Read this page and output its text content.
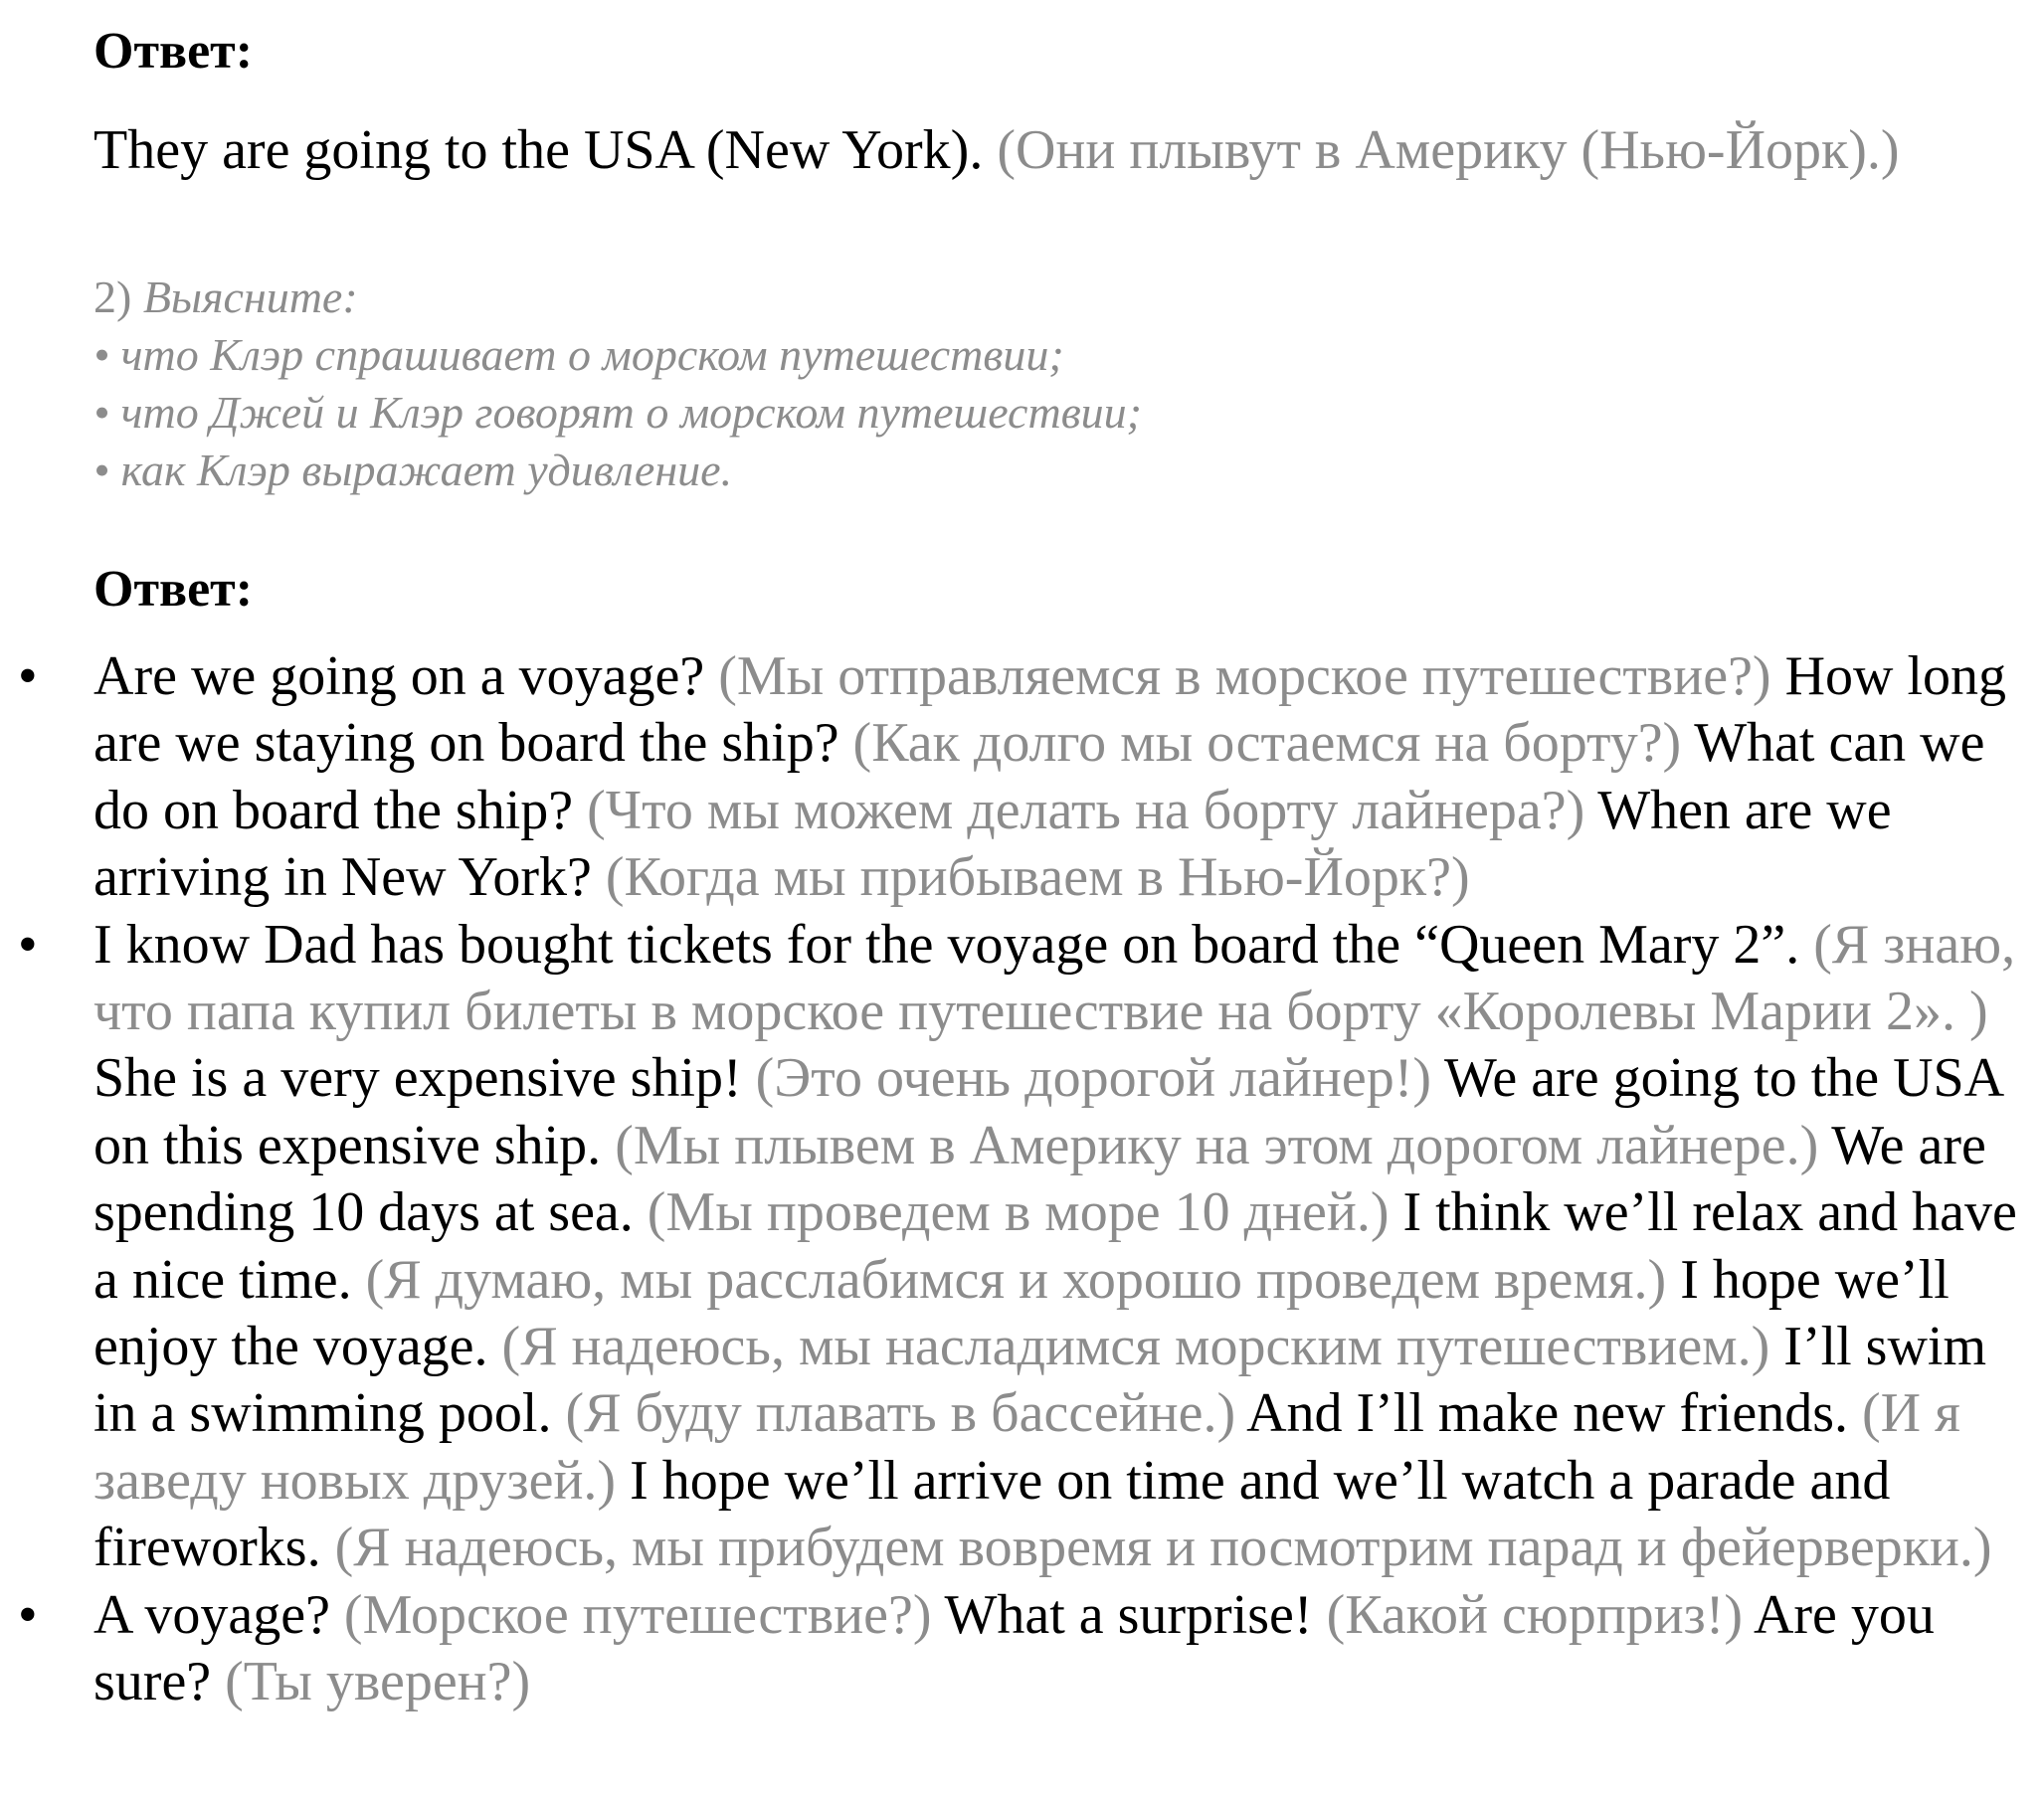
Ответ:

They are going to the USA (New York). (Они плывут в Америку (Нью-Йорк).)

2) Выясните:
• что Клэр спрашивает о морском путешествии;
• что Джей и Клэр говорят о морском путешествии;
• как Клэр выражает удивление.
Ответ:
• Are we going on a voyage? (Мы отправляемся в морское путешествие?) How long are we staying on board the ship? (Как долго мы остаемся на борту?) What can we do on board the ship? (Что мы можем делать на борту лайнера?) When are we arriving in New York? (Когда мы прибываем в Нью-Йорк?)
• I know Dad has bought tickets for the voyage on board the “Queen Mary 2”. (Я знаю, что папа купил билеты в морское путешествие на борту «Королевы Марии 2». ) She is a very expensive ship! (Это очень дорогой лайнер!) We are going to the USA on this expensive ship. (Мы плывем в Америку на этом дорогом лайнере.) We are spending 10 days at sea. (Мы проведем в море 10 дней.) I think we’ll relax and have a nice time. (Я думаю, мы расслабимся и хорошо проведем время.) I hope we’ll enjoy the voyage. (Я надеюсь, мы насладимся морским путешествием.) I’ll swim in a swimming pool. (Я буду плавать в бассейне.) And I’ll make new friends. (И я заведу новых друзей.) I hope we’ll arrive on time and we’ll watch a parade and fireworks. (Я надеюсь, мы прибудем вовремя и посмотрим парад и фейерверки.)
• A voyage? (Морское путешествие?) What a surprise! (Какой сюрприз!) Are you sure? (Ты уверен?)
